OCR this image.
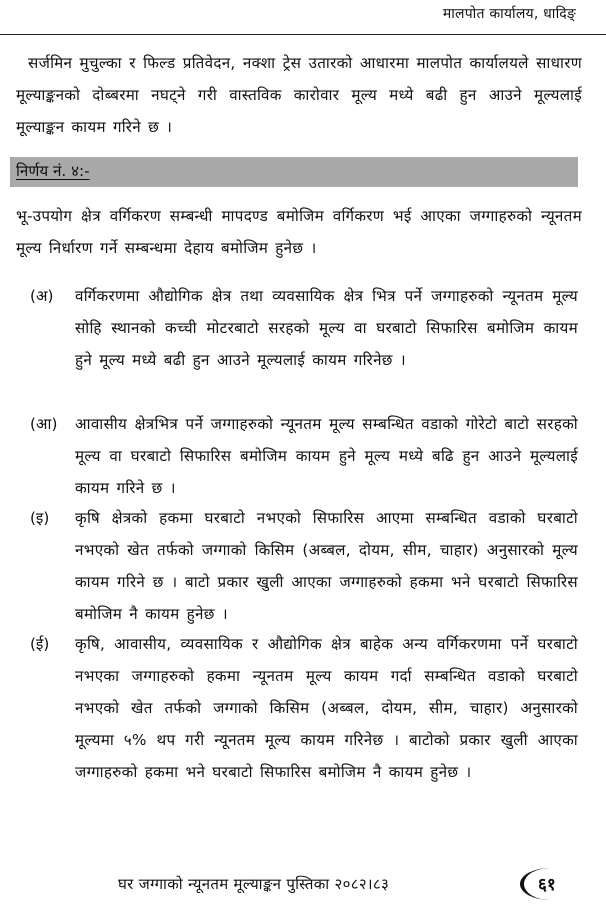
मालपोत कार्यालय, धादिङ्

सर्जमिन मुचुल्का र फिल्ड प्रतिवेदन, नक्शा ट्रेस उतारको आधारमा मालपोत कार्यालयले साधारण मूल्याङ्कनको दोब्बरमा नघट्ने गरी वास्तविक कारोवार मूल्य मध्ये बढी हुन आउने मूल्यलाई मूल्याङ्कन कायम गरिने छ ।

निर्णय नं. ४:-

भू-उपयोग क्षेत्र वर्गिकरण सम्बन्धी मापदण्ड बमोजिम वर्गिकरण भई आएका जग्गाहरुको न्यूनतम मूल्य निर्धारण गर्ने सम्बन्धमा देहाय बमोजिम हुनेछ ।

(अ) वर्गिकरणमा औद्योगिक क्षेत्र तथा व्यवसायिक क्षेत्र भित्र पर्ने जग्गाहरुको न्यूनतम मूल्य सोहि स्थानको कच्ची मोटरबाटो सरहको मूल्य वा घरबाटो सिफारिस बमोजिम कायम हुने मूल्य मध्ये बढी हुन आउने मूल्यलाई कायम गरिनेछ ।

(आ) आवासीय क्षेत्रभित्र पर्ने जग्गाहरुको न्यूनतम मूल्य सम्बन्धित वडाको गोरेटो बाटो सरहको मूल्य वा घरबाटो सिफारिस बमोजिम कायम हुने मूल्य मध्ये बढि हुन आउने मूल्यलाई कायम गरिने छ ।

(इ) कृषि क्षेत्रको हकमा घरबाटो नभएको सिफारिस आएमा सम्बन्धित वडाको घरबाटो नभएको खेत तर्फको जग्गाको किसिम (अब्बल, दोयम, सीम, चाहार) अनुसारको मूल्य कायम गरिने छ । बाटो प्रकार खुली आएका जग्गाहरुको हकमा भने घरबाटो सिफारिस बमोजिम नै कायम हुनेछ ।

(ई) कृषि, आवासीय, व्यवसायिक र औद्योगिक क्षेत्र बाहेक अन्य वर्गिकरणमा पर्ने घरबाटो नभएका जग्गाहरुको हकमा न्यूनतम मूल्य कायम गर्दा सम्बन्धित वडाको घरबाटो नभएको खेत तर्फको जग्गाको किसिम (अब्बल, दोयम, सीम, चाहार) अनुसारको मूल्यमा ५% थप गरी न्यूनतम मूल्य कायम गरिनेछ । बाटोको प्रकार खुली आएका जग्गाहरुको हकमा भने घरबाटो सिफारिस बमोजिम नै कायम हुनेछ ।

घर जग्गाको न्यूनतम मूल्याङ्कन पुस्तिका २०८२।८३	६१
